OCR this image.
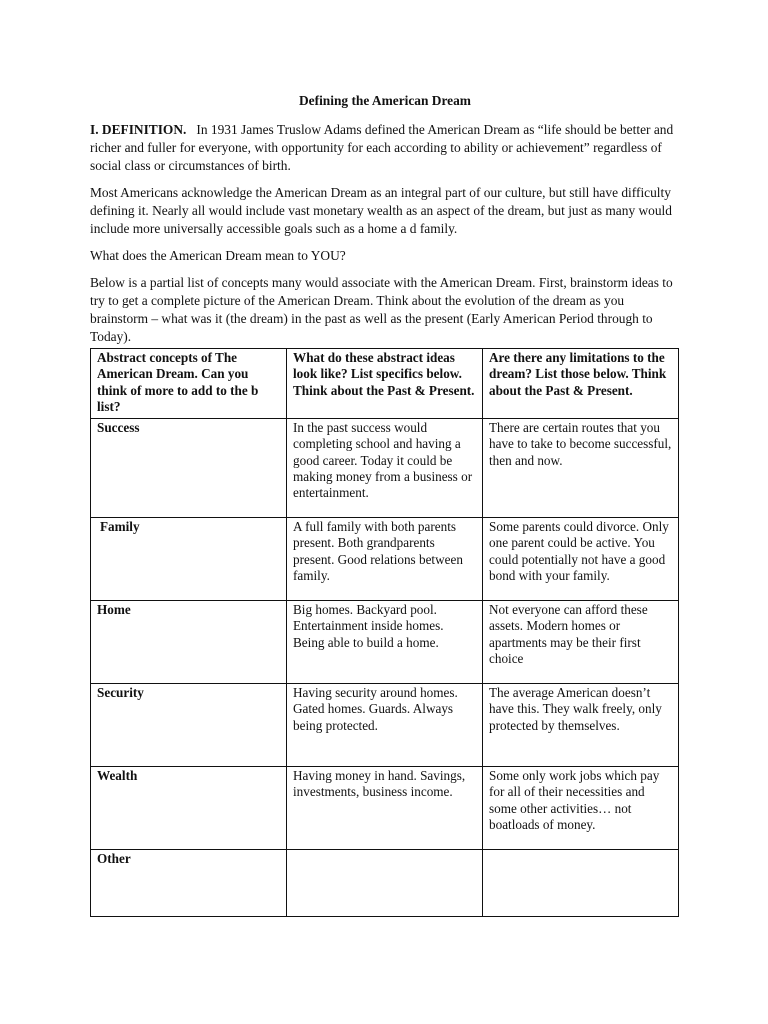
Defining the American Dream

I. DEFINITION. In 1931 James Truslow Adams defined the American Dream as “life should be better and richer and fuller for everyone, with opportunity for each according to ability or achievement” regardless of social class or circumstances of birth.

Most Americans acknowledge the American Dream as an integral part of our culture, but still have difficulty defining it. Nearly all would include vast monetary wealth as an aspect of the dream, but just as many would include more universally accessible goals such as a home a d family.

What does the American Dream mean to YOU?

Below is a partial list of concepts many would associate with the American Dream. First, brainstorm ideas to try to get a complete picture of the American Dream. Think about the evolution of the dream as you brainstorm – what was it (the dream) in the past as well as the present (Early American Period through to Today).

Abstract concepts of The American Dream. Can you think of more to add to the b list?	What do these abstract ideas look like? List specifics below. Think about the Past & Present.	Are there any limitations to the dream? List those below. Think about the Past & Present.
Success	In the past success would completing school and having a good career. Today it could be making money from a business or entertainment.	There are certain routes that you have to take to become successful, then and now.
Family	A full family with both parents present. Both grandparents present. Good relations between family.	Some parents could divorce. Only one parent could be active. You could potentially not have a good bond with your family.
Home	Big homes. Backyard pool. Entertainment inside homes. Being able to build a home.	Not everyone can afford these assets. Modern homes or apartments may be their first choice
Security	Having security around homes. Gated homes. Guards. Always being protected.	The average American doesn’t have this. They walk freely, only protected by themselves.
Wealth	Having money in hand. Savings, investments, business income.	Some only work jobs which pay for all of their necessities and some other activities… not boatloads of money.
Other		
